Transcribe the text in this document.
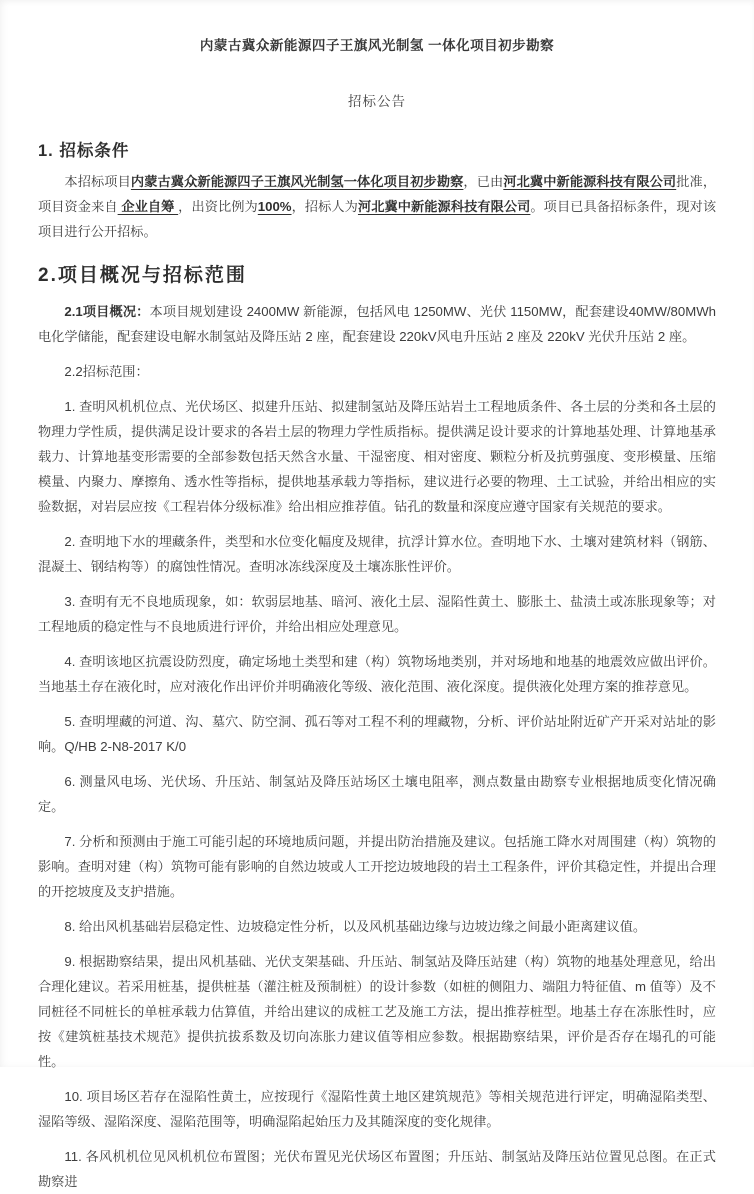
内蒙古冀众新能源四子王旗风光制氢 一体化项目初步勘察

招标公告

1. 招标条件

本招标项目内蒙古冀众新能源四子王旗风光制氢一体化项目初步勘察，已由河北冀中新能源科技有限公司批准，项目资金来自 企业自筹 ，出资比例为100%，招标人为河北冀中新能源科技有限公司。项目已具备招标条件，现对该项目进行公开招标。

2.项目概况与招标范围

2.1项目概况：本项目规划建设 2400MW 新能源，包括风电 1250MW、光伏 1150MW，配套建设40MW/80MWh 电化学储能，配套建设电解水制氢站及降压站 2 座，配套建设 220kV风电升压站 2 座及 220kV 光伏升压站 2 座。

2.2招标范围：

1. 查明风机机位点、光伏场区、拟建升压站、拟建制氢站及降压站岩土工程地质条件、各土层的分类和各土层的物理力学性质，提供满足设计要求的各岩土层的物理力学性质指标。提供满足设计要求的计算地基处理、计算地基承载力、计算地基变形需要的全部参数包括天然含水量、干湿密度、相对密度、颗粒分析及抗剪强度、变形模量、压缩模量、内聚力、摩擦角、透水性等指标，提供地基承载力等指标，建议进行必要的物理、土工试验，并给出相应的实验数据，对岩层应按《工程岩体分级标准》给出相应推荐值。钻孔的数量和深度应遵守国家有关规范的要求。

2. 查明地下水的埋藏条件，类型和水位变化幅度及规律，抗浮计算水位。查明地下水、土壤对建筑材料（钢筋、混凝土、钢结构等）的腐蚀性情况。查明冰冻线深度及土壤冻胀性评价。

3. 查明有无不良地质现象，如：软弱层地基、暗河、液化土层、湿陷性黄土、膨胀土、盐渍土或冻胀现象等；对工程地质的稳定性与不良地质进行评价，并给出相应处理意见。

4. 查明该地区抗震设防烈度，确定场地土类型和建（构）筑物场地类别，并对场地和地基的地震效应做出评价。当地基土存在液化时，应对液化作出评价并明确液化等级、液化范围、液化深度。提供液化处理方案的推荐意见。

5. 查明埋藏的河道、沟、墓穴、防空洞、孤石等对工程不利的埋藏物，分析、评价站址附近矿产开采对站址的影响。Q/HB 2-N8-2017 K/0

6. 测量风电场、光伏场、升压站、制氢站及降压站场区土壤电阻率，测点数量由勘察专业根据地质变化情况确定。

7. 分析和预测由于施工可能引起的环境地质问题，并提出防治措施及建议。包括施工降水对周围建（构）筑物的影响。查明对建（构）筑物可能有影响的自然边坡或人工开挖边坡地段的岩土工程条件，评价其稳定性，并提出合理的开挖坡度及支护措施。

8. 给出风机基础岩层稳定性、边坡稳定性分析，以及风机基础边缘与边坡边缘之间最小距离建议值。

9. 根据勘察结果，提出风机基础、光伏支架基础、升压站、制氢站及降压站建（构）筑物的地基处理意见，给出合理化建议。若采用桩基，提供桩基（灌注桩及预制桩）的设计参数（如桩的侧阻力、端阻力特征值、m 值等）及不同桩径不同桩长的单桩承载力估算值，并给出建议的成桩工艺及施工方法，提出推荐桩型。地基土存在冻胀性时，应按《建筑桩基技术规范》提供抗拔系数及切向冻胀力建议值等相应参数。根据勘察结果，评价是否存在塌孔的可能性。

10. 项目场区若存在湿陷性黄土，应按现行《湿陷性黄土地区建筑规范》等相关规范进行评定，明确湿陷类型、湿陷等级、湿陷深度、湿陷范围等，明确湿陷起始压力及其随深度的变化规律。

11. 各风机机位见风机机位布置图；光伏布置见光伏场区布置图；升压站、制氢站及降压站位置见总图。在正式勘察进
